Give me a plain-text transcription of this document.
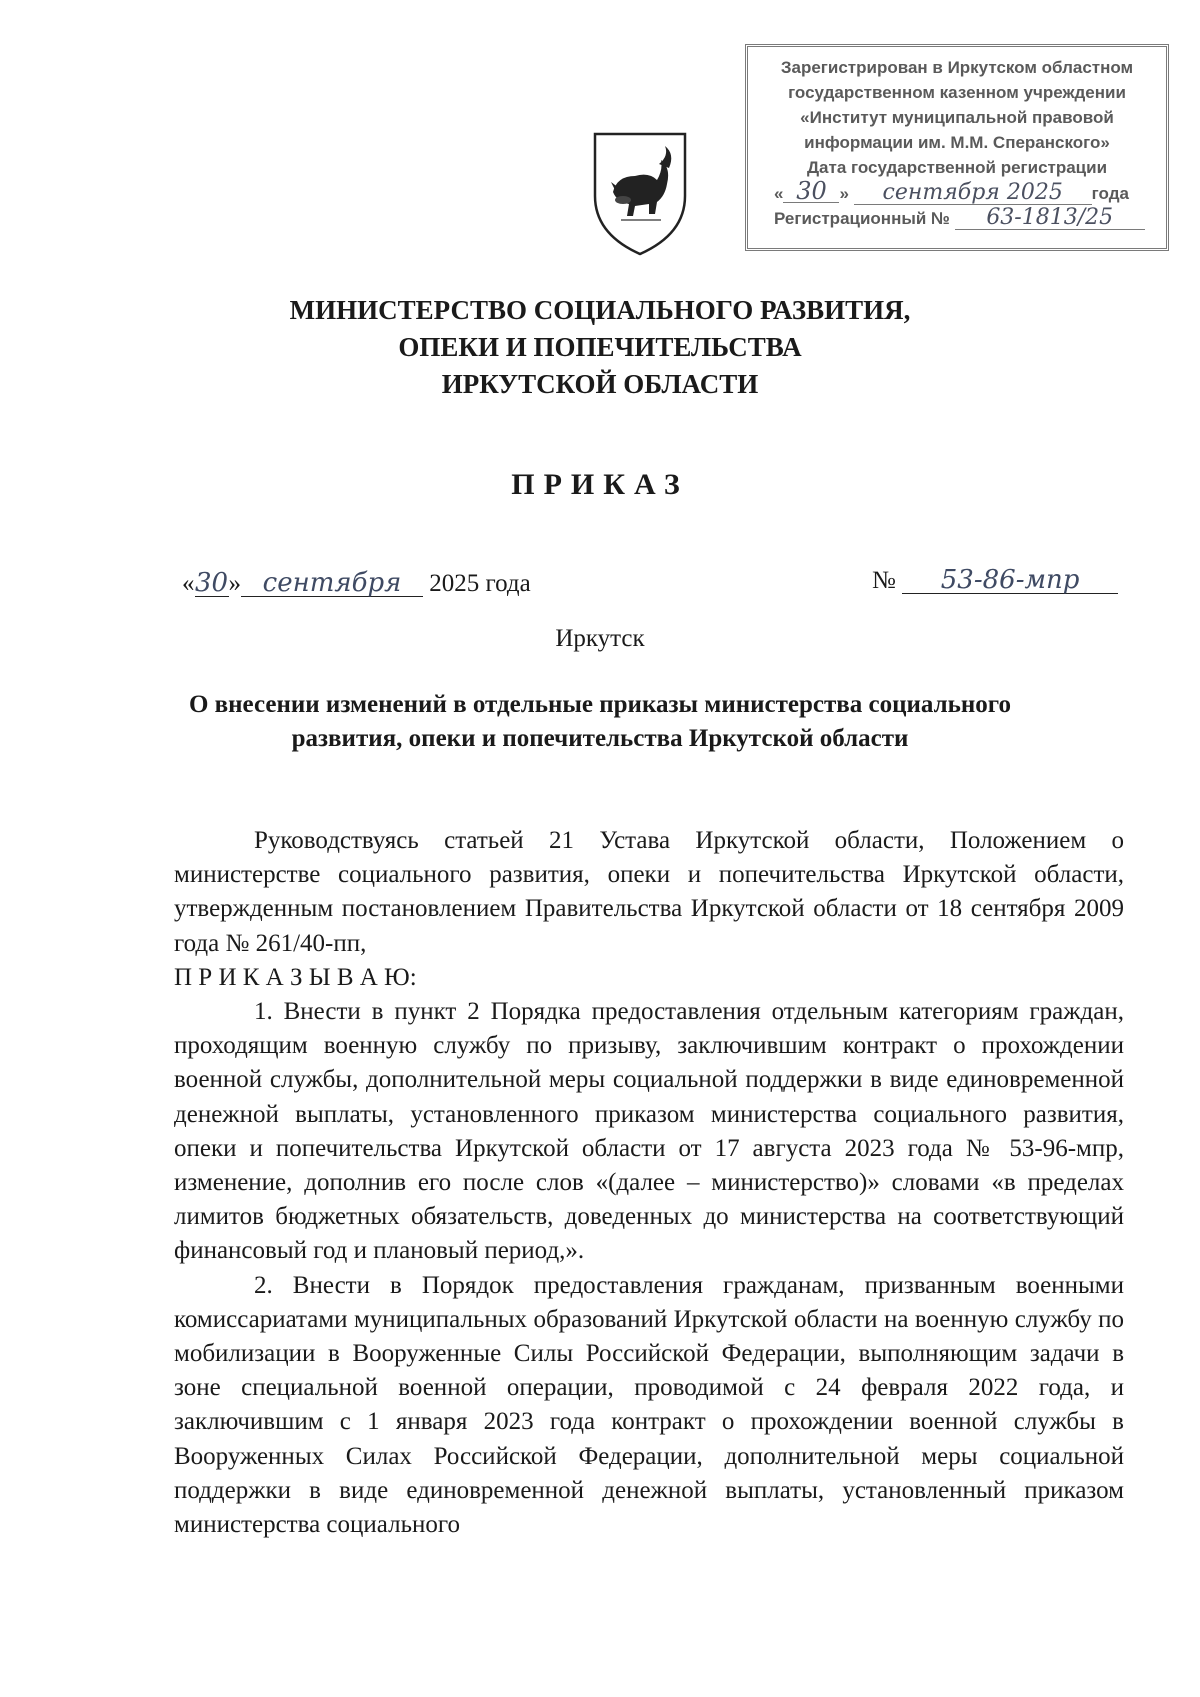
Зарегистрирован в Иркутском областном
государственном казенном учреждении
«Институт муниципальной правовой
информации им. М.М. Сперанского»
Дата государственной регистрации
« 30 » сентября 2025 года
Регистрационный № 63-1813/25
МИНИСТЕРСТВО СОЦИАЛЬНОГО РАЗВИТИЯ,
ОПЕКИ И ПОПЕЧИТЕЛЬСТВА
ИРКУТСКОЙ ОБЛАСТИ
ПРИКАЗ
«30» сентября 2025 года	№ 53-86-мпр
Иркутск
О внесении изменений в отдельные приказы министерства социального
развития, опеки и попечительства Иркутской области

Руководствуясь статьей 21 Устава Иркутской области, Положением о министерстве социального развития, опеки и попечительства Иркутской области, утвержденным постановлением Правительства Иркутской области от 18 сентября 2009 года № 261/40-пп,

П Р И К А З Ы В А Ю:

1. Внести в пункт 2 Порядка предоставления отдельным категориям граждан, проходящим военную службу по призыву, заключившим контракт о прохождении военной службы, дополнительной меры социальной поддержки в виде единовременной денежной выплаты, установленного приказом министерства социального развития, опеки и попечительства Иркутской области от 17 августа 2023 года № 53-96-мпр, изменение, дополнив его после слов «(далее – министерство)» словами «в пределах лимитов бюджетных обязательств, доведенных до министерства на соответствующий финансовый год и плановый период,».

2. Внести в Порядок предоставления гражданам, призванным военными комиссариатами муниципальных образований Иркутской области на военную службу по мобилизации в Вооруженные Силы Российской Федерации, выполняющим задачи в зоне специальной военной операции, проводимой с 24 февраля 2022 года, и заключившим с 1 января 2023 года контракт о прохождении военной службы в Вооруженных Силах Российской Федерации, дополнительной меры социальной поддержки в виде единовременной денежной выплаты, установленный приказом министерства социального
